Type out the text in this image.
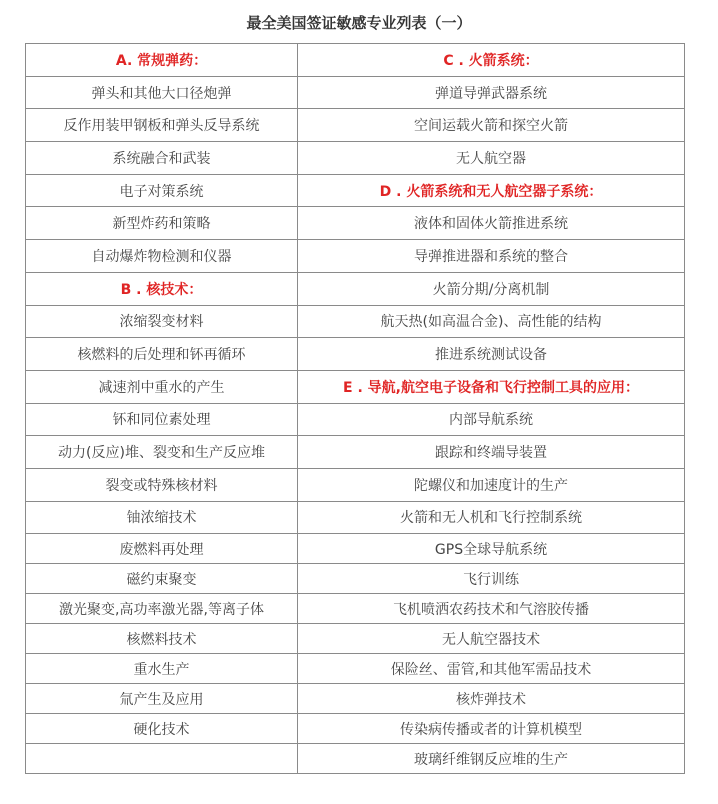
最全美国签证敏感专业列表（一）
A. 常规弹药：	C . 火箭系统：
弹头和其他大口径炮弹	弹道导弹武器系统
反作用装甲钢板和弹头反导系统	空间运载火箭和探空火箭
系统融合和武装	无人航空器
电子对策系统	D . 火箭系统和无人航空器子系统：
新型炸药和策略	液体和固体火箭推进系统
自动爆炸物检测和仪器	导弹推进器和系统的整合
B . 核技术：	火箭分期/分离机制
浓缩裂变材料	航天热(如高温合金)、高性能的结构
核燃料的后处理和钚再循环	推进系统测试设备
减速剂中重水的产生	E . 导航,航空电子设备和飞行控制工具的应用：
钚和同位素处理	内部导航系统
动力(反应)堆、裂变和生产反应堆	跟踪和终端导装置
裂变或特殊核材料	陀螺仪和加速度计的生产
铀浓缩技术	火箭和无人机和飞行控制系统
废燃料再处理	GPS全球导航系统
磁约束聚变	飞行训练
激光聚变,高功率激光器,等离子体	飞机喷洒农药技术和气溶胶传播
核燃料技术	无人航空器技术
重水生产	保险丝、雷管,和其他军需品技术
氚产生及应用	核炸弹技术
硬化技术	传染病传播或者的计算机模型
	玻璃纤维钢反应堆的生产
